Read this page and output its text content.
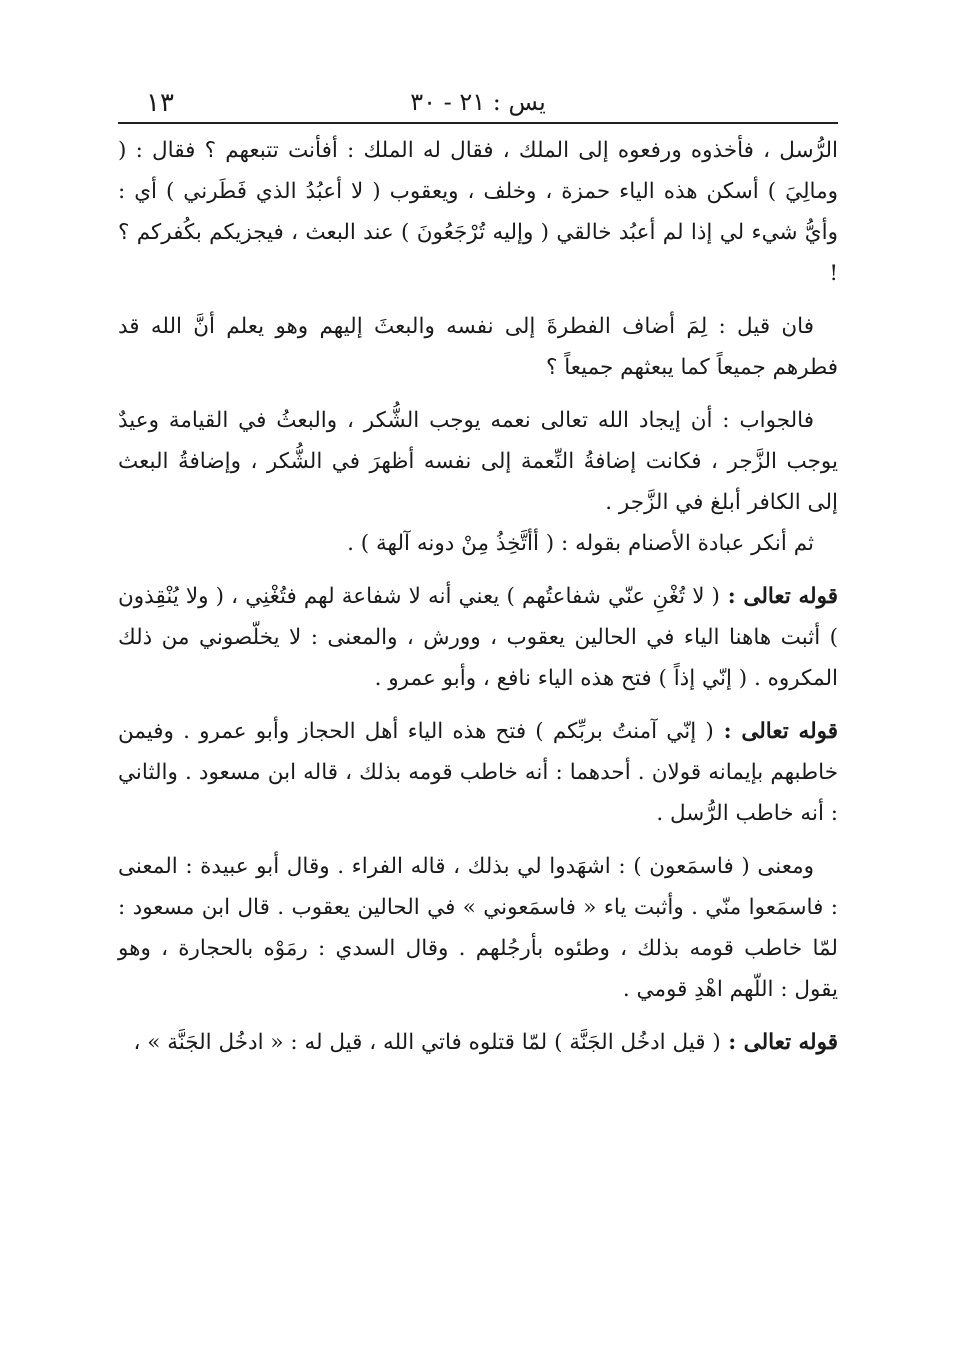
١٣	يس : ٢١ - ٣٠

الرُّسل ، فأخذوه ورفعوه إلى الملك ، فقال له الملك : أفأنت تتبعهم ؟ فقال : ( ومالِيَ ) أسكن هذه الياء حمزة ، وخلف ، ويعقوب ( لا أعبُدُ الذي فَطَرني ) أي : وأيُّ شيء لي إذا لم أعبُد خالقي ( وإليه تُرْجَعُونَ ) عند البعث ، فيجزيكم بكُفركم ؟ !

فان قيل : لِمَ أضاف الفطرةَ إلى نفسه والبعثَ إليهم وهو يعلم أنَّ الله قد فطرهم جميعاً كما يبعثهم جميعاً ؟

فالجواب : أن إيجاد الله تعالى نعمه يوجب الشُّكر ، والبعثُ في القيامة وعيدٌ يوجب الزَّجر ، فكانت إضافةُ النِّعمة إلى نفسه أظهرَ في الشُّكر ، وإضافةُ البعث إلى الكافر أبلغ في الزَّجر .

ثم أنكر عبادة الأصنام بقوله : ( أأتَّخِذُ مِنْ دونه آلهة ) .

قوله تعالى : ( لا تُغْنِ عنّي شفاعتُهم ) يعني أنه لا شفاعة لهم فتُغْنِي ، ( ولا يُنْقِذون ) أثبت هاهنا الياء في الحالين يعقوب ، وورش ، والمعنى : لا يخلّصوني من ذلك المكروه . ( إنّي إذاً ) فتح هذه الياء نافع ، وأبو عمرو .

قوله تعالى : ( إنّي آمنتُ بربِّكم ) فتح هذه الياء أهل الحجاز وأبو عمرو . وفيمن خاطبهم بإيمانه قولان . أحدهما : أنه خاطب قومه بذلك ، قاله ابن مسعود . والثاني : أنه خاطب الرُّسل .

ومعنى ( فاسمَعون ) : اشهَدوا لي بذلك ، قاله الفراء . وقال أبو عبيدة : المعنى : فاسمَعوا منّي . وأثبت ياء « فاسمَعوني » في الحالين يعقوب . قال ابن مسعود : لمّا خاطب قومه بذلك ، وطئوه بأرجُلهم . وقال السدي : رمَوْه بالحجارة ، وهو يقول : اللّهم اهْدِ قومي .

قوله تعالى : ( قيل ادخُل الجَنَّة ) لمّا قتلوه فاتي الله ، قيل له : « ادخُل الجَنَّة » ،
